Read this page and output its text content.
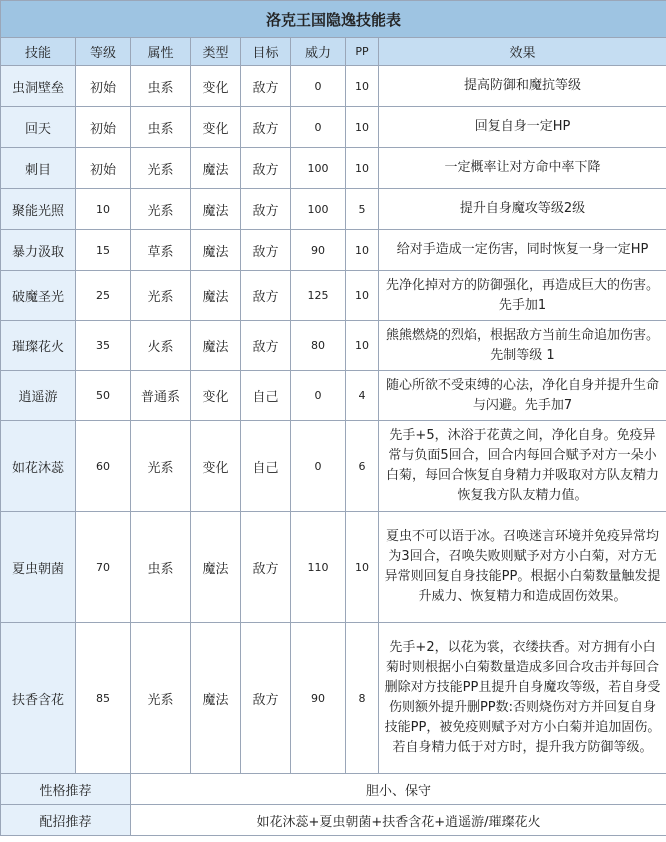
洛克王国隐逸技能表							
技能	等级	属性	类型	目标	威力	PP	效果
虫洞壁垒	初始	虫系	变化	敌方	0	10	提高防御和魔抗等级
回天	初始	虫系	变化	敌方	0	10	回复自身一定HP
刺目	初始	光系	魔法	敌方	100	10	一定概率让对方命中率下降
聚能光照	10	光系	魔法	敌方	100	5	提升自身魔攻等级2级
暴力汲取	15	草系	魔法	敌方	90	10	给对手造成一定伤害，同时恢复一身一定HP
破魔圣光	25	光系	魔法	敌方	125	10	先净化掉对方的防御强化，再造成巨大的伤害。先手加1
璀璨花火	35	火系	魔法	敌方	80	10	熊熊燃烧的烈焰，根据敌方当前生命追加伤害。先制等级 1
逍遥游	50	普通系	变化	自己	0	4	随心所欲不受束缚的心法，净化自身并提升生命与闪避。先手加7
如花沐蕊	60	光系	变化	自己	0	6	先手+5，沐浴于花黄之间，净化自身。免疫异常与负面5回合，回合内每回合赋予对方一朵小白菊，每回合恢复自身精力并吸取对方队友精力恢复我方队友精力值。
夏虫朝菌	70	虫系	魔法	敌方	110	10	夏虫不可以语于冰。召唤迷言环境并免疫异常均为3回合，召唤失败则赋予对方小白菊，对方无异常则回复自身技能PP。根据小白菊数量触发提升威力、恢复精力和造成固伤效果。
扶香含花	85	光系	魔法	敌方	90	8	先手+2，以花为裳，衣缕扶香。对方拥有小白菊时则根据小白菊数量造成多回合攻击并每回合删除对方技能PP且提升自身魔攻等级，若自身受伤则额外提升删PP数:否则烧伤对方并回复自身技能PP，被免疫则赋予对方小白菊并追加固伤。若自身精力低于对方时，提升我方防御等级。
性格推荐		胆小、保守					
配招推荐		如花沐蕊+夏虫朝菌+扶香含花+逍遥游/璀璨花火					
